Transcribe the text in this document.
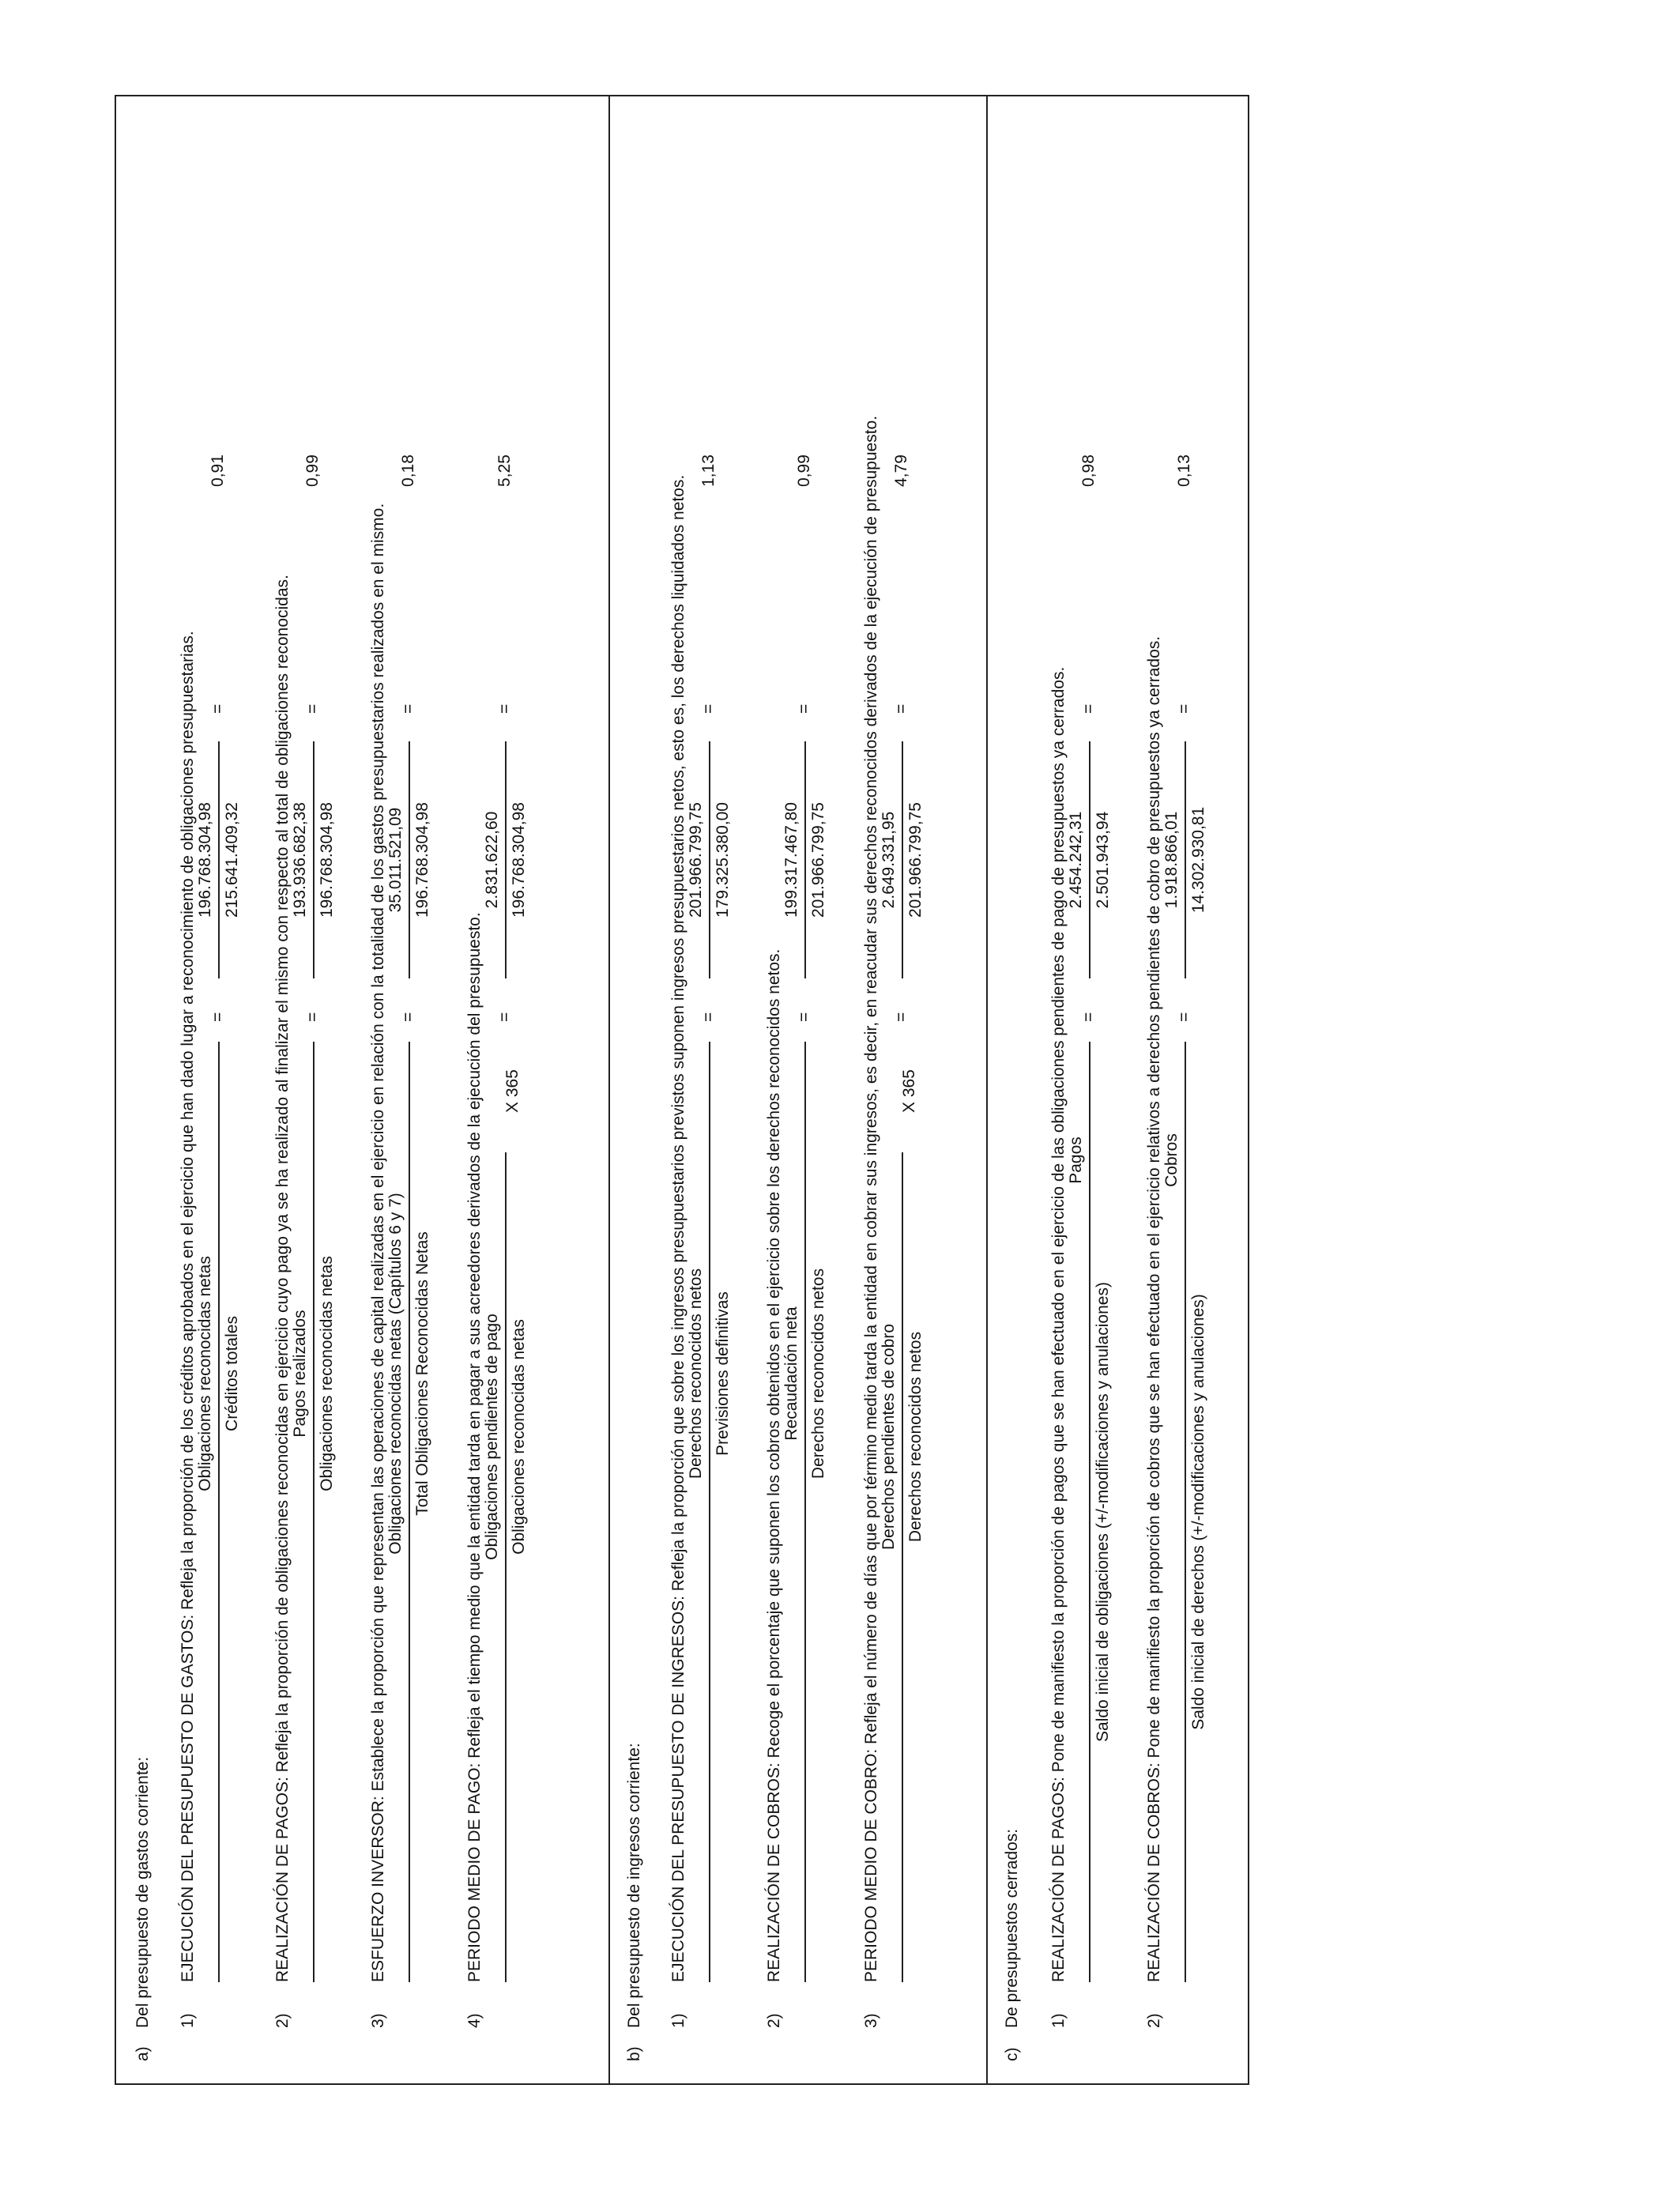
a)
Del presupuesto de gastos corriente: 1)
EJECUCIÓN DEL PRESUPUESTO DE GASTOS: Refleja la proporción de los créditos aprobados en el ejercicio que han dado lugar a reconocimiento de obligaciones presupuestarias. Obligaciones reconocidas netas Créditos totales
=
196.768.304,98 215.641.409,32
=
0,91
2)
REALIZACIÓN DE PAGOS: Refleja la proporción de obligaciones reconocidas en ejercicio cuyo pago ya se ha realizado al finalizar el mismo con respecto al total de obligaciones reconocidas. Pagos realizados Obligaciones reconocidas netas
=
193.936.682,38 196.768.304,98
=
0,99
3)
ESFUERZO INVERSOR: Establece la proporción que representan las operaciones de capital realizadas en el ejercicio en relación con la totalidad de los gastos presupuestarios realizados en el mismo. Obligaciones reconocidas netas (Capítulos 6 y 7) Total Obligaciones Reconocidas Netas
=
35.011.521,09 196.768.304,98
=
0,18
4)
PERIODO MEDIO DE PAGO: Refleja el tiempo medio que la entidad tarda en pagar a sus acreedores derivados de la ejecución del presupuesto. Obligaciones pendientes de pago Obligaciones reconocidas netas
X 365
=
2.831.622,60 196.768.304,98
=
5,25
b)
Del presupuesto de ingresos corriente: 1)
EJECUCIÓN DEL PRESUPUESTO DE INGRESOS: Refleja la proporción que sobre los ingresos presupuestarios previstos suponen ingresos presupuestarios netos, esto es, los derechos liquidados netos. Derechos reconocidos netos Previsiones definitivas
=
201.966.799,75 179.325.380,00
=
1,13
2)
REALIZACIÓN DE COBROS: Recoge el porcentaje que suponen los cobros obtenidos en el ejercicio sobre los derechos reconocidos netos. Recaudación neta Derechos reconocidos netos
=
199.317.467,80 201.966.799,75
=
0,99
3)
PERIODO MEDIO DE COBRO: Refleja el número de días que por término medio tarda la entidad en cobrar sus ingresos, es decir, en reacudar sus derechos reconocidos derivados de la ejecución de presupuesto. Derechos pendientes de cobro Derechos reconocidos netos
X 365
=
2.649.331,95 201.966.799,75
=
4,79
c)
De presupuestos cerrados: 1)
REALIZACIÓN DE PAGOS: Pone de manifiesto la proporción de pagos que se han efectuado en el ejercicio de las obligaciones pendientes de pago de presupuestos ya cerrados. Pagos
Saldo inicial de obligaciones (+/-modificaciones y anulaciones)
=
2.454.242,31 2.501.943,94
=
0,98
2)
REALIZACIÓN DE COBROS: Pone de manifiesto la proporción de cobros que se han efectuado en el ejercicio relativos a derechos pendientes de cobro de presupuestos ya cerrados. Cobros
Saldo inicial de derechos (+/-modificaciones y anulaciones)
=
1.918.866,01 14.302.930,81
=
0,13
